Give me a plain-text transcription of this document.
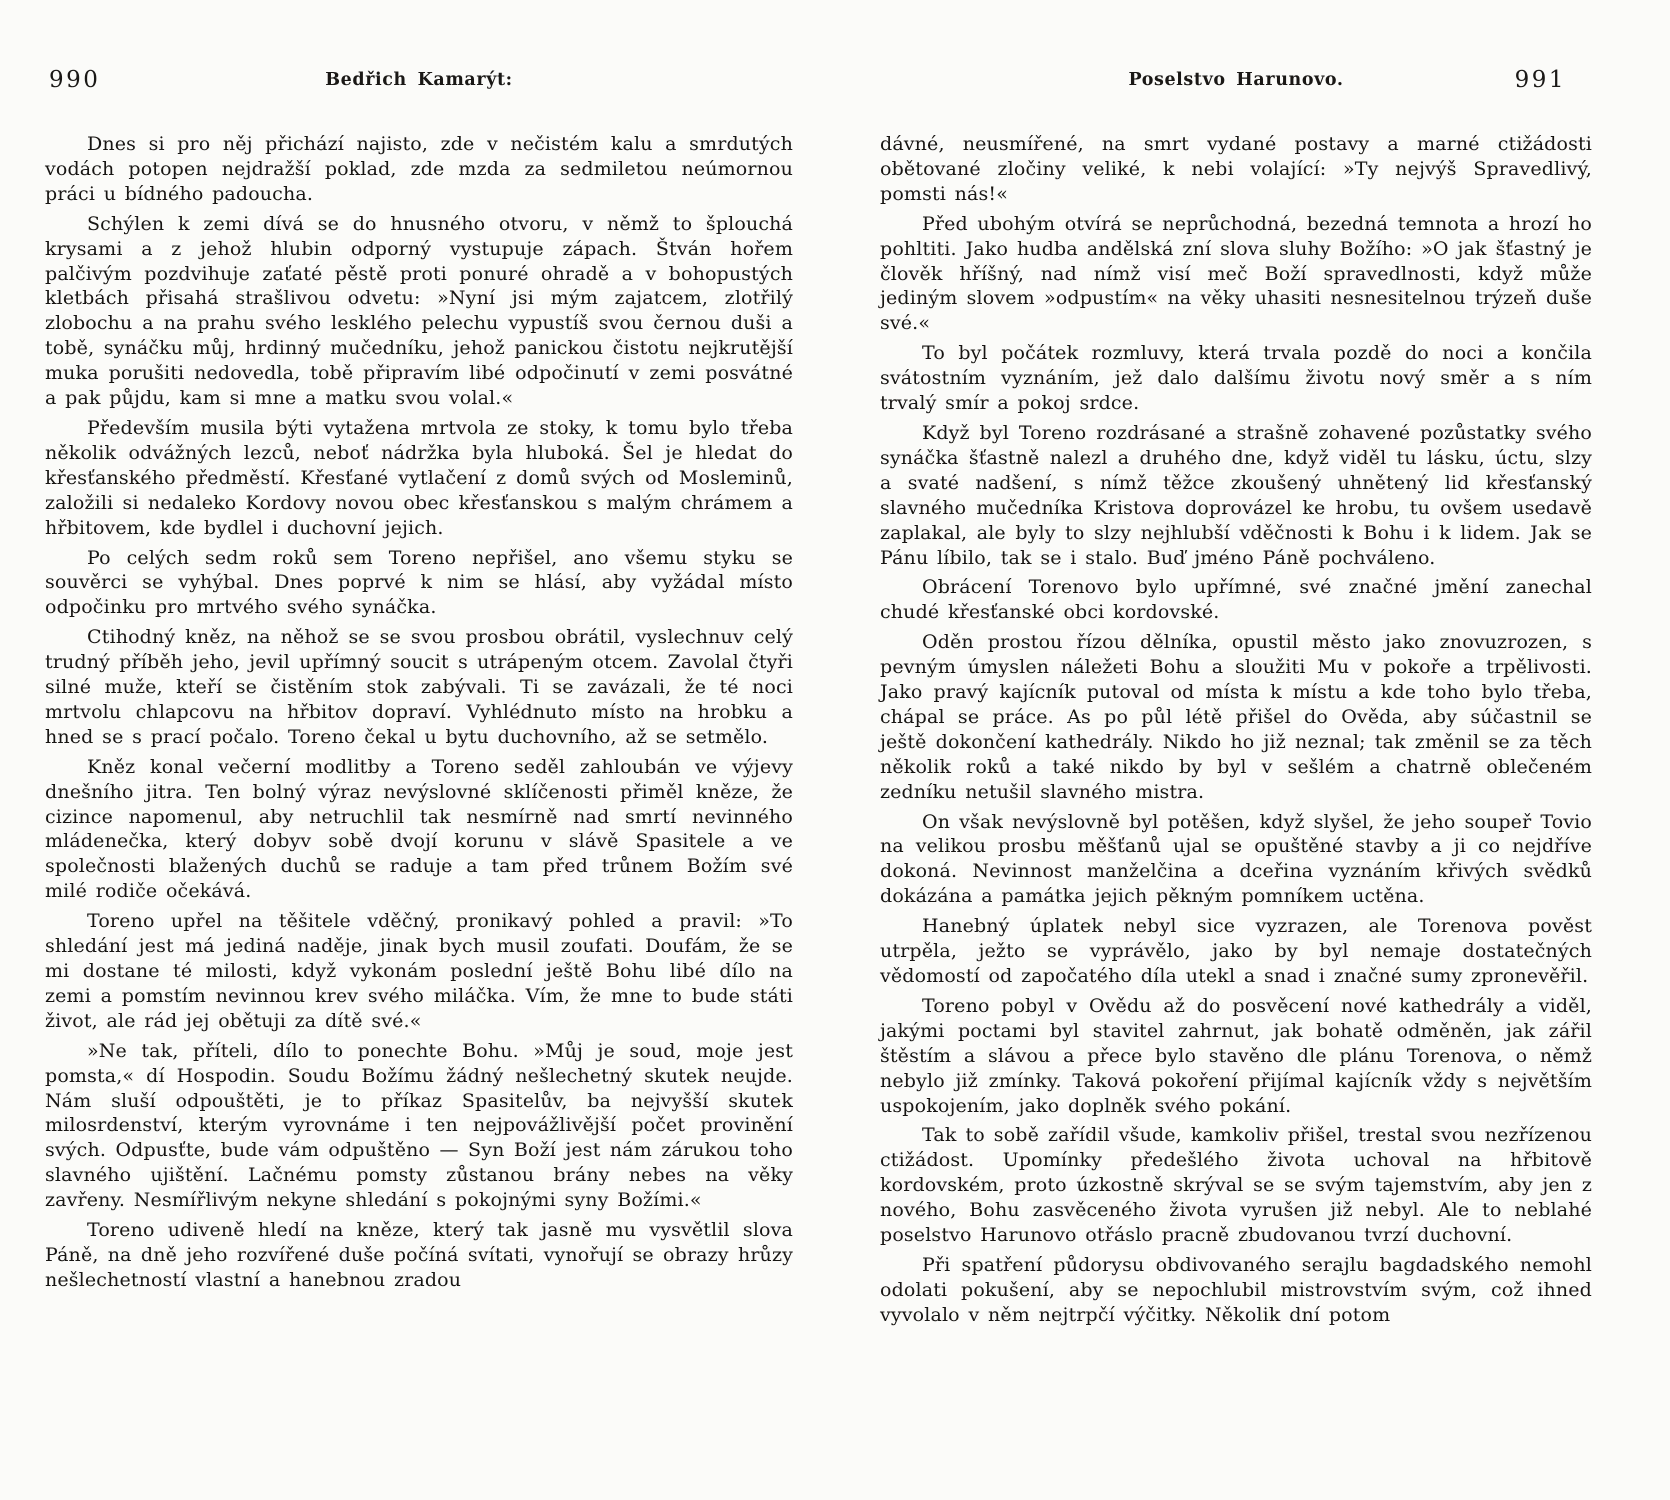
990	Bedřich Kamarýt:

Dnes si pro něj přichází najisto, zde v nečistém kalu a smrdutých vodách potopen nejdražší poklad, zde mzda za sedmiletou neúmornou práci u bídného padoucha.

Schýlen k zemi dívá se do hnusného otvoru, v němž to šplouchá krysami a z jehož hlubin odporný vystupuje zápach. Štván hořem palčivým pozdvihuje zaťaté pěstě proti ponuré ohradě a v bohopustých kletbách přisahá strašlivou odvetu: »Nyní jsi mým zajatcem, zlotřilý zlobochu a na prahu svého lesklého pelechu vypustíš svou černou duši a tobě, synáčku můj, hrdinný mučedníku, jehož panickou čistotu nejkrutější muka porušiti nedovedla, tobě připravím libé odpočinutí v zemi posvátné a pak půjdu, kam si mne a matku svou volal.«

Především musila býti vytažena mrtvola ze stoky, k tomu bylo třeba několik odvážných lezců, neboť nádržka byla hluboká. Šel je hledat do křesťanského předměstí. Křesťané vytlačení z domů svých od Mosleminů, založili si nedaleko Kordovy novou obec křesťanskou s malým chrámem a hřbitovem, kde bydlel i duchovní jejich.

Po celých sedm roků sem Toreno nepřišel, ano všemu styku se souvěrci se vyhýbal. Dnes poprvé k nim se hlásí, aby vyžádal místo odpočinku pro mrtvého svého synáčka.

Ctihodný kněz, na něhož se se svou prosbou obrátil, vyslechnuv celý trudný příběh jeho, jevil upřímný soucit s utrápeným otcem. Zavolal čtyři silné muže, kteří se čistěním stok zabývali. Ti se zavázali, že té noci mrtvolu chlapcovu na hřbitov dopraví. Vyhlédnuto místo na hrobku a hned se s prací počalo. Toreno čekal u bytu duchovního, až se setmělo.

Kněz konal večerní modlitby a Toreno seděl zahloubán ve výjevy dnešního jitra. Ten bolný výraz nevýslovné sklíčenosti přiměl kněze, že cizince napomenul, aby netruchlil tak nesmírně nad smrtí nevinného mládenečka, který dobyv sobě dvojí korunu v slávě Spasitele a ve společnosti blažených duchů se raduje a tam před trůnem Božím své milé rodiče očekává.

Toreno upřel na těšitele vděčný, pronikavý pohled a pravil: »To shledání jest má jediná naděje, jinak bych musil zoufati. Doufám, že se mi dostane té milosti, když vykonám poslední ještě Bohu libé dílo na zemi a pomstím nevinnou krev svého miláčka. Vím, že mne to bude státi život, ale rád jej obětuji za dítě své.«

»Ne tak, příteli, dílo to ponechte Bohu. »Můj je soud, moje jest pomsta,« dí Hospodin. Soudu Božímu žádný nešlechetný skutek neujde. Nám sluší odpouštěti, je to příkaz Spasitelův, ba nejvyšší skutek milosrdenství, kterým vyrovnáme i ten nejpovážlivější počet provinění svých. Odpusťte, bude vám odpuštěno — Syn Boží jest nám zárukou toho slavného ujištění. Lačnému pomsty zůstanou brány nebes na věky zavřeny. Nesmířlivým nekyne shledání s pokojnými syny Božími.«

Toreno udiveně hledí na kněze, který tak jasně mu vysvětlil slova Páně, na dně jeho rozvířené duše počíná svítati, vynořují se obrazy hrůzy nešlechetností vlastní a hanebnou zradou

Poselstvo Harunovo.	991

dávné, neusmířené, na smrt vydané postavy a marné ctižádosti obětované zločiny veliké, k nebi volající: »Ty nejvýš Spravedlivý, pomsti nás!«

Před ubohým otvírá se neprůchodná, bezedná temnota a hrozí ho pohltiti. Jako hudba andělská zní slova sluhy Božího: »O jak šťastný je člověk hříšný, nad nímž visí meč Boží spravedlnosti, když může jediným slovem »odpustím« na věky uhasiti nesnesitelnou trýzeň duše své.«

To byl počátek rozmluvy, která trvala pozdě do noci a končila svátostním vyznáním, jež dalo dalšímu životu nový směr a s ním trvalý smír a pokoj srdce.

Když byl Toreno rozdrásané a strašně zohavené pozůstatky svého synáčka šťastně nalezl a druhého dne, když viděl tu lásku, úctu, slzy a svaté nadšení, s nímž těžce zkoušený uhnětený lid křesťanský slavného mučedníka Kristova doprovázel ke hrobu, tu ovšem usedavě zaplakal, ale byly to slzy nejhlubší vděčnosti k Bohu i k lidem. Jak se Pánu líbilo, tak se i stalo. Buď jméno Páně pochváleno.

Obrácení Torenovo bylo upřímné, své značné jmění zanechal chudé křesťanské obci kordovské.

Oděn prostou řízou dělníka, opustil město jako znovuzrozen, s pevným úmyslen náležeti Bohu a sloužiti Mu v pokoře a trpělivosti. Jako pravý kajícník putoval od místa k místu a kde toho bylo třeba, chápal se práce. As po půl létě přišel do Ověda, aby súčastnil se ještě dokončení kathedrály. Nikdo ho již neznal; tak změnil se za těch několik roků a také nikdo by byl v sešlém a chatrně oblečeném zedníku netušil slavného mistra.

On však nevýslovně byl potěšen, když slyšel, že jeho soupeř Tovio na velikou prosbu měšťanů ujal se opuštěné stavby a ji co nejdříve dokoná. Nevinnost manželčina a dceřina vyznáním křivých svědků dokázána a památka jejich pěkným pomníkem uctěna.

Hanebný úplatek nebyl sice vyzrazen, ale Torenova pověst utrpěla, ježto se vyprávělo, jako by byl nemaje dostatečných vědomostí od započatého díla utekl a snad i značné sumy zpronevěřil.

Toreno pobyl v Ovědu až do posvěcení nové kathedrály a viděl, jakými poctami byl stavitel zahrnut, jak bohatě odměněn, jak zářil štěstím a slávou a přece bylo stavěno dle plánu Torenova, o němž nebylo již zmínky. Taková pokoření přijímal kajícník vždy s největším uspokojením, jako doplněk svého pokání.

Tak to sobě zařídil všude, kamkoliv přišel, trestal svou nezřízenou ctižádost. Upomínky předešlého života uchoval na hřbitově kordovském, proto úzkostně skrýval se se svým tajemstvím, aby jen z nového, Bohu zasvěceného života vyrušen již nebyl. Ale to neblahé poselstvo Harunovo otřáslo pracně zbudovanou tvrzí duchovní.

Při spatření půdorysu obdivovaného serajlu bagdadského nemohl odolati pokušení, aby se nepochlubil mistrovstvím svým, což ihned vyvolalo v něm nejtrpčí výčitky. Několik dní potom
